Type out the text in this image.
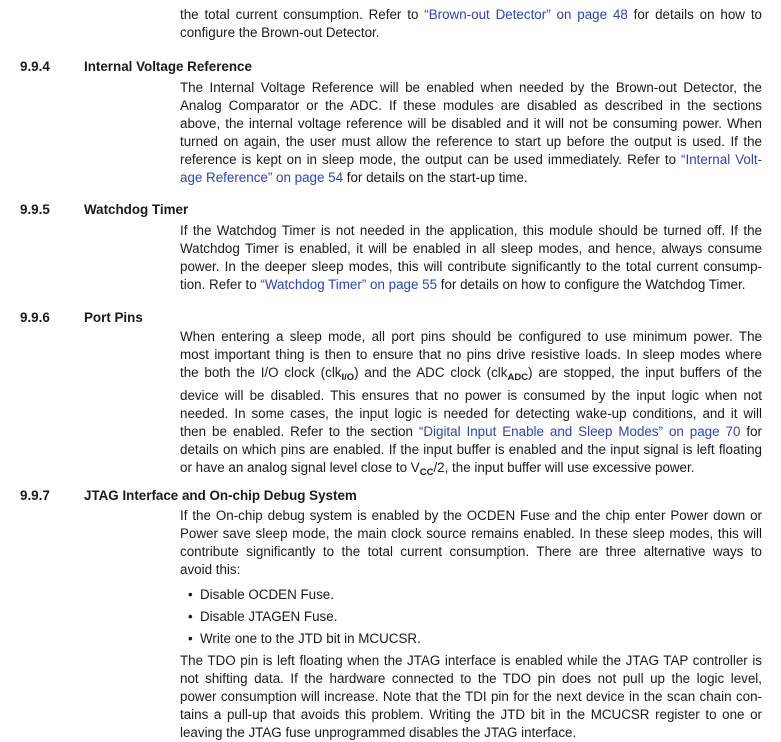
the total current consumption. Refer to “Brown-out Detector” on page 48 for details on how to
configure the Brown-out Detector.
9.9.4	Internal Voltage Reference
The Internal Voltage Reference will be enabled when needed by the Brown-out Detector, the
Analog Comparator or the ADC. If these modules are disabled as described in the sections
above, the internal voltage reference will be disabled and it will not be consuming power. When
turned on again, the user must allow the reference to start up before the output is used. If the
reference is kept on in sleep mode, the output can be used immediately. Refer to “Internal Volt-
age Reference” on page 54 for details on the start-up time.
9.9.5	Watchdog Timer
If the Watchdog Timer is not needed in the application, this module should be turned off. If the
Watchdog Timer is enabled, it will be enabled in all sleep modes, and hence, always consume
power. In the deeper sleep modes, this will contribute significantly to the total current consump-
tion. Refer to “Watchdog Timer” on page 55 for details on how to configure the Watchdog Timer.
9.9.6	Port Pins
When entering a sleep mode, all port pins should be configured to use minimum power. The
most important thing is then to ensure that no pins drive resistive loads. In sleep modes where
the both the I/O clock (clk$_{I/O}$) and the ADC clock (clk$_{ADC}$) are stopped, the input buffers of the
device will be disabled. This ensures that no power is consumed by the input logic when not
needed. In some cases, the input logic is needed for detecting wake-up conditions, and it will
then be enabled. Refer to the section “Digital Input Enable and Sleep Modes” on page 70 for
details on which pins are enabled. If the input buffer is enabled and the input signal is left floating
or have an analog signal level close to $V_{CC}/2$, the input buffer will use excessive power.
9.9.7	JTAG Interface and On-chip Debug System
If the On-chip debug system is enabled by the OCDEN Fuse and the chip enter Power down or
Power save sleep mode, the main clock source remains enabled. In these sleep modes, this will
contribute significantly to the total current consumption. There are three alternative ways to
avoid this:
• Disable OCDEN Fuse.
• Disable JTAGEN Fuse.
• Write one to the JTD bit in MCUCSR.
The TDO pin is left floating when the JTAG interface is enabled while the JTAG TAP controller is
not shifting data. If the hardware connected to the TDO pin does not pull up the logic level,
power consumption will increase. Note that the TDI pin for the next device in the scan chain con-
tains a pull-up that avoids this problem. Writing the JTD bit in the MCUCSR register to one or
leaving the JTAG fuse unprogrammed disables the JTAG interface.
